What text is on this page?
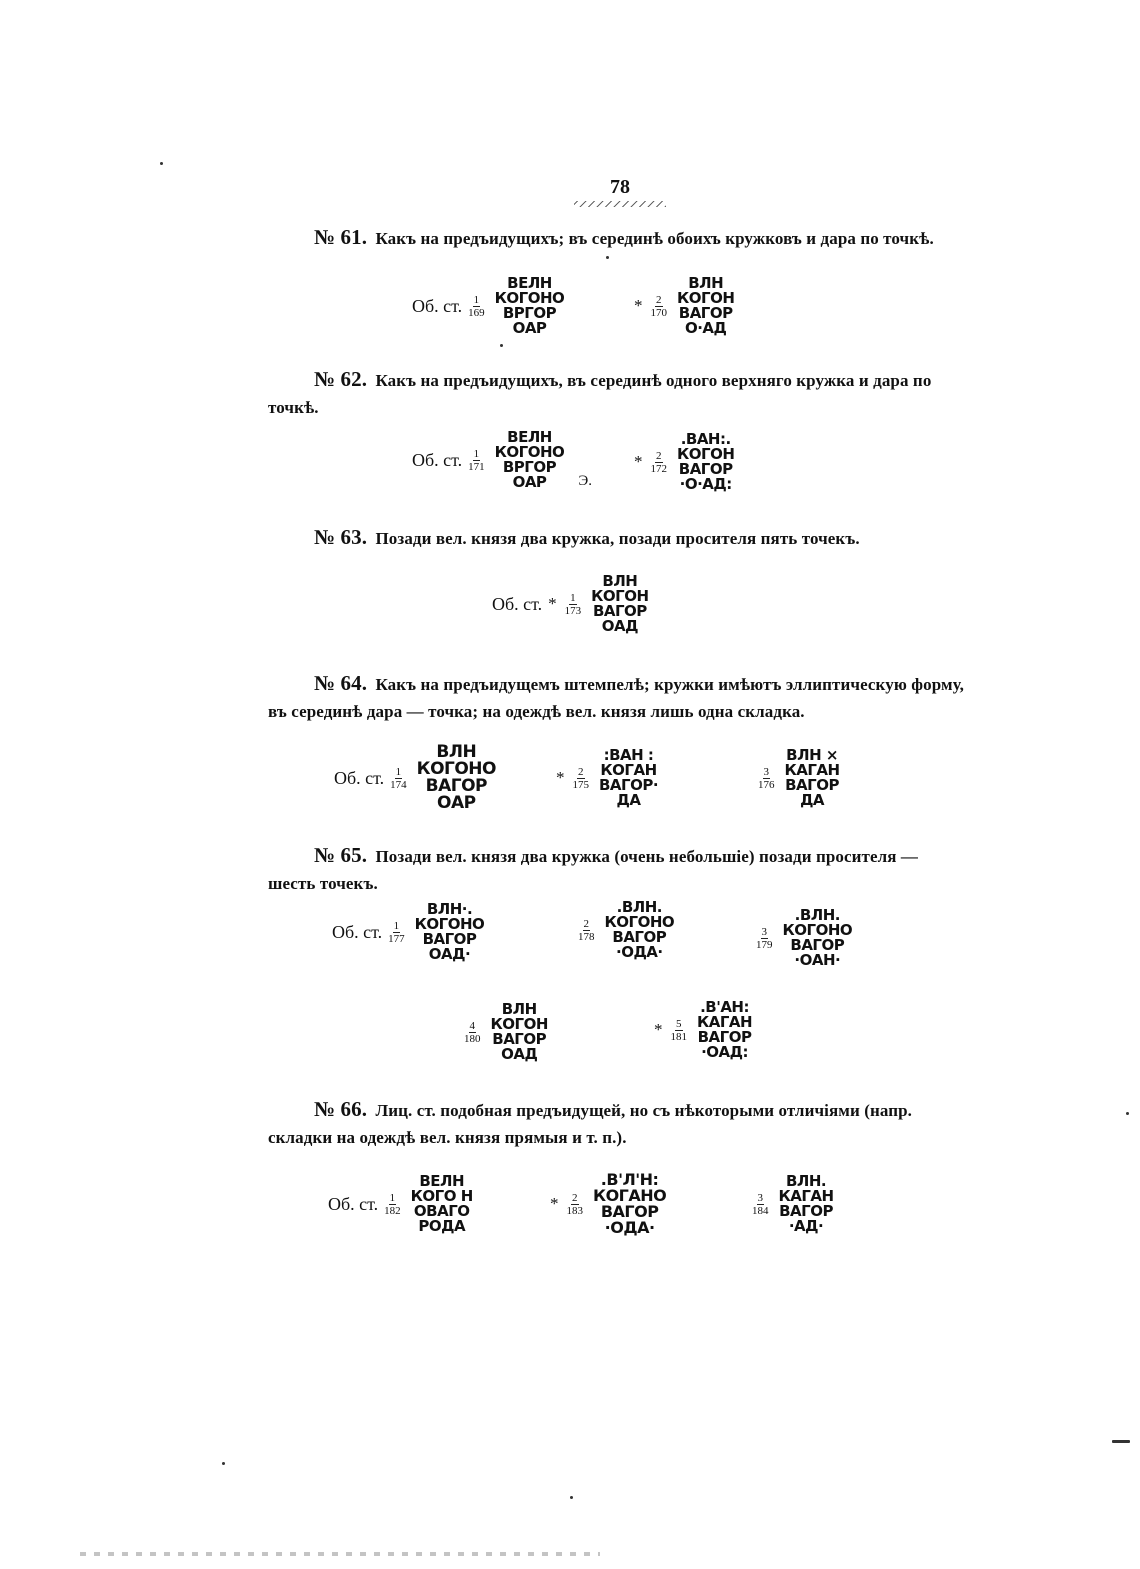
78
№ 61. Какъ на предъидущихъ; въ серединѣ обоихъ кружковъ и дара по точкѣ.
Об. ст. $\frac{1}{169}$
ВЕЛН
КОГОНО
ВРГОР
ОАР
* $\frac{2}{170}$
ВЛН
КОГОН
ВАГОР
О·АД
№ 62. Какъ на предъидущихъ, въ серединѣ одного верхняго кружка и дара по
точкѣ.
Об. ст. $\frac{1}{171}$
ВЕЛН
КОГОНО
ВРГОР
ОАР	Э.
* $\frac{2}{172}$
.ВАН:.
КОГОН
ВАГОР
·О·АД:
№ 63. Позади вел. князя два кружка, позади просителя пять точекъ.
Об. ст. * $\frac{1}{173}$
ВЛН
КОГОН
ВАГОР
ОАД
№ 64. Какъ на предъидущемъ штемпелѣ; кружки имѣютъ эллиптическую форму,
въ серединѣ дара — точка; на одеждѣ вел. князя лишь одна складка.
Об. ст. $\frac{1}{174}$
ВЛН
КОГОНО
ВАГОР
ОАР
* $\frac{2}{175}$
:ВАН :
КОГАН
ВАГОР·
ДА
$\frac{3}{176}$
ВЛН ×
КАГАН
ВАГОР
ДА
№ 65. Позади вел. князя два кружка (очень небольшіе) позади просителя —
шесть точекъ.
Об. ст. $\frac{1}{177}$
ВЛН·.
КОГОНО
ВАГОР
ОАД·
$\frac{2}{178}$
.ВЛН.
КОГОНО
ВАГОР
·ОДА·
$\frac{3}{179}$
.ВЛН.
КОГОНО
ВАГОР
·ОАН·
$\frac{4}{180}$
ВЛН
КОГОН
ВАГОР
ОАД
* $\frac{5}{181}$
.В'АН:
КАГАН
ВАГОР
·ОАД:
№ 66. Лиц. ст. подобная предъидущей, но съ нѣкоторыми отличіями (напр.
складки на одеждѣ вел. князя прямыя и т. п.).
Об. ст. $\frac{1}{182}$
ВЕЛН
КОГО Н
ОВАГО
РОДА
* $\frac{2}{183}$
.В'Л'Н:
КОГАНО
ВАГОР
·ОДА·
$\frac{3}{184}$
ВЛН.
КАГАН
ВАГОР
·АД·
